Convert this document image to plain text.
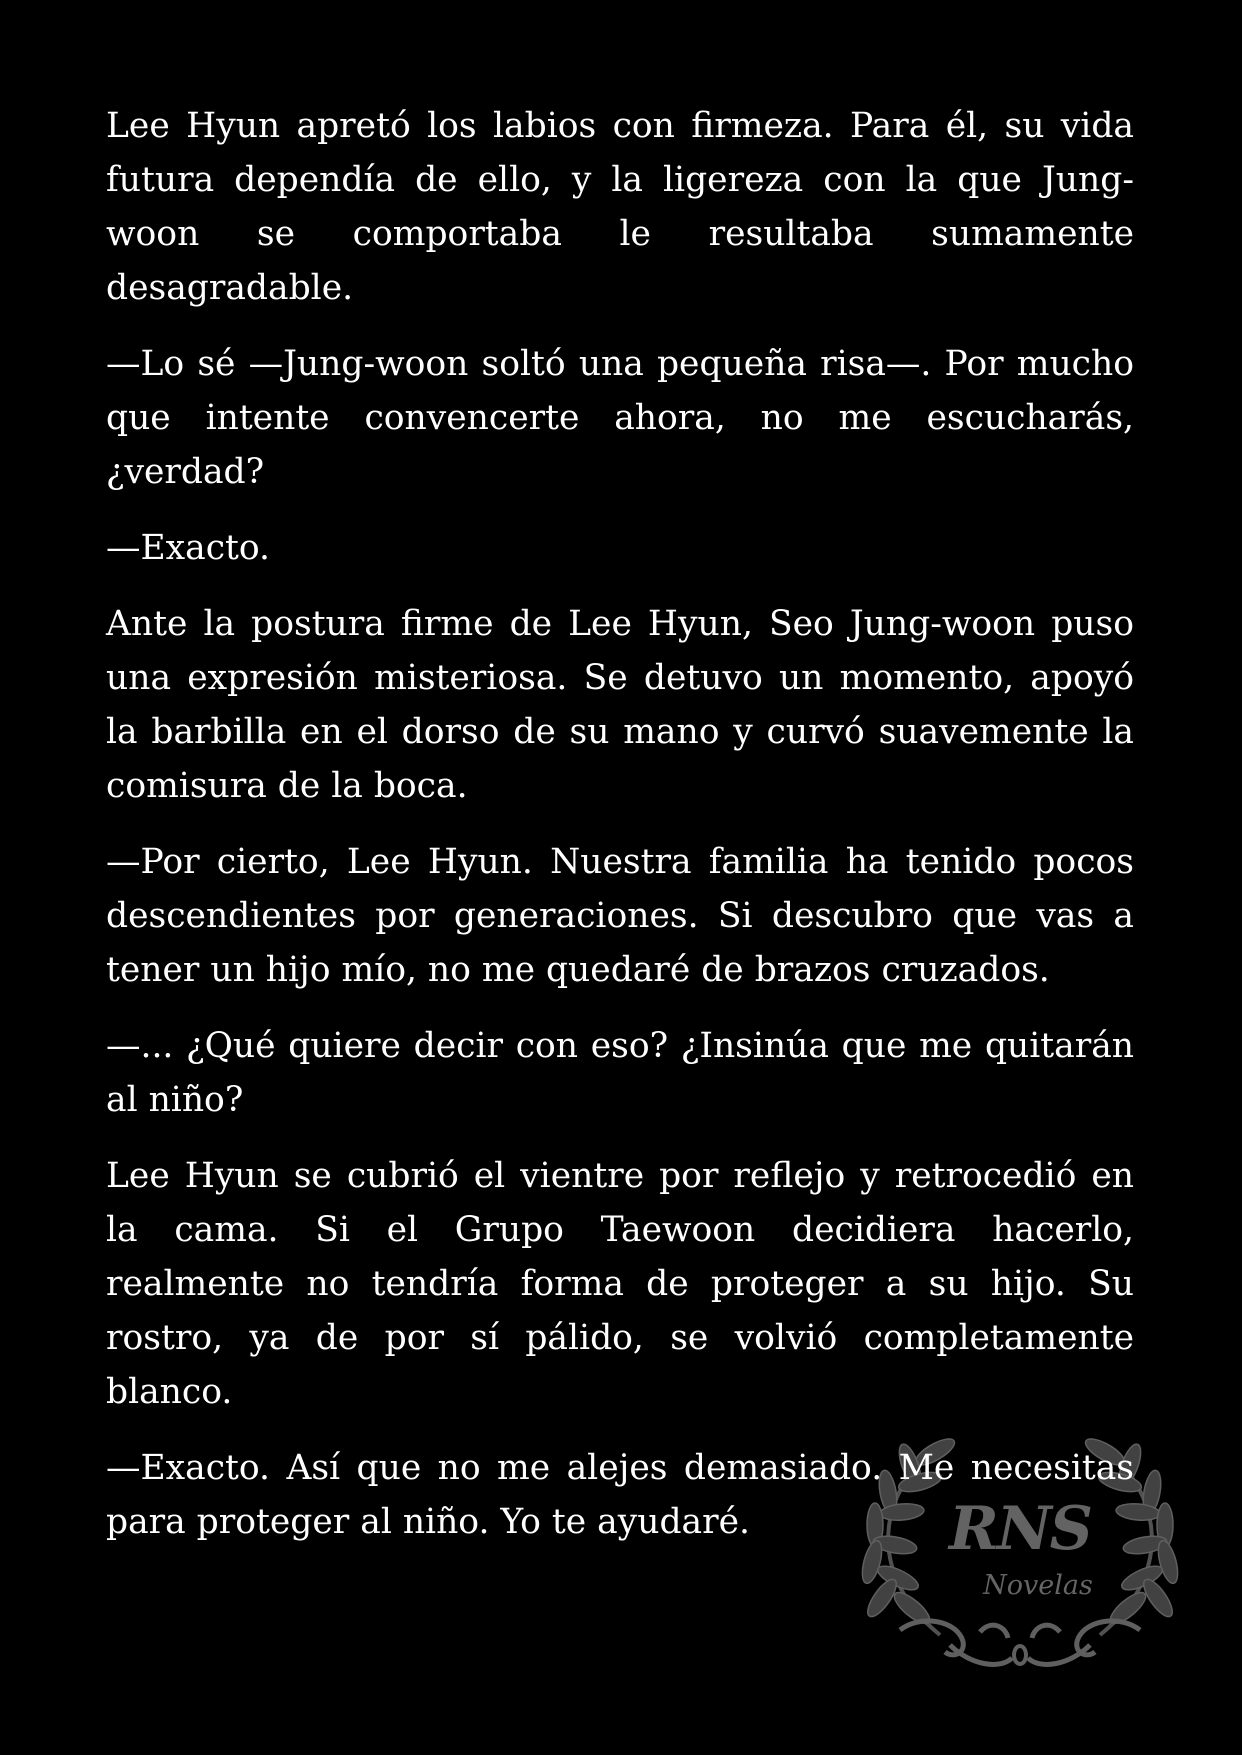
Lee Hyun apretó los labios con firmeza. Para él, su vida futura dependía de ello, y la ligereza con la que Jung-woon se comportaba le resultaba sumamente desagradable.

—Lo sé —Jung-woon soltó una pequeña risa—. Por mucho que intente convencerte ahora, no me escucharás, ¿verdad?

—Exacto.

Ante la postura firme de Lee Hyun, Seo Jung-woon puso una expresión misteriosa. Se detuvo un momento, apoyó la barbilla en el dorso de su mano y curvó suavemente la comisura de la boca.

—Por cierto, Lee Hyun. Nuestra familia ha tenido pocos descendientes por generaciones. Si descubro que vas a tener un hijo mío, no me quedaré de brazos cruzados.

—... ¿Qué quiere decir con eso? ¿Insinúa que me quitarán al niño?

Lee Hyun se cubrió el vientre por reflejo y retrocedió en la cama. Si el Grupo Taewoon decidiera hacerlo, realmente no tendría forma de proteger a su hijo. Su rostro, ya de por sí pálido, se volvió completamente blanco.

—Exacto. Así que no me alejes demasiado. Me necesitas para proteger al niño. Yo te ayudaré.	RNS
Novelas
